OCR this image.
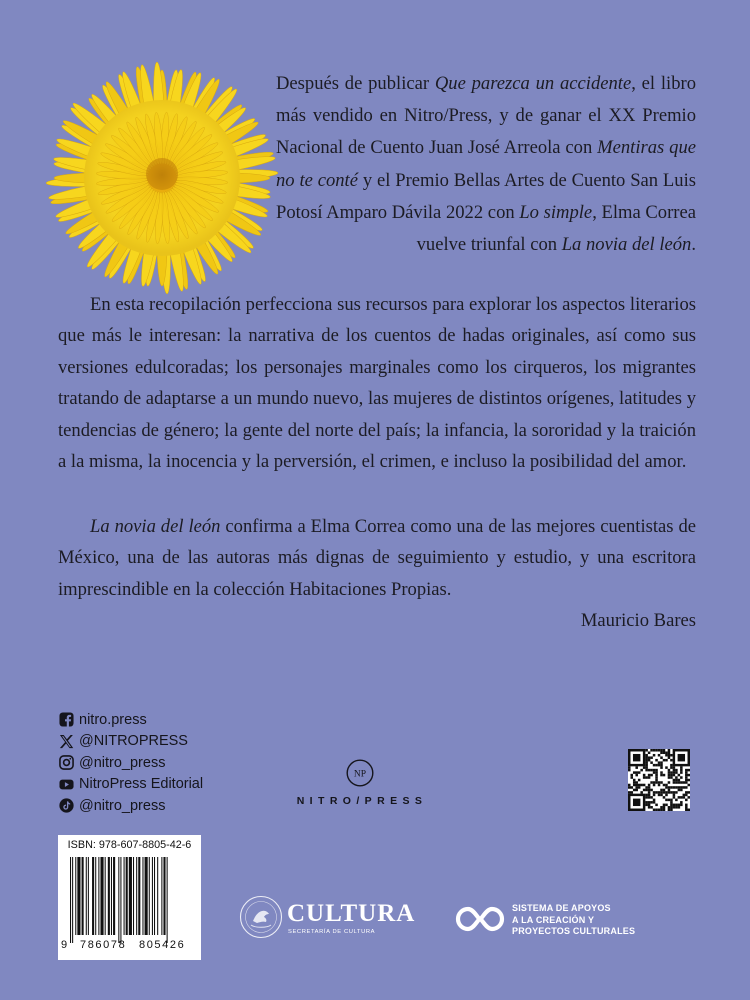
Después de publicar Que parezca un accidente, el libro más vendido en Nitro/Press, y de ganar el XX Premio Nacional de Cuento Juan José Arreola con Mentiras que no te conté y el Premio Bellas Artes de Cuento San Luis Potosí Amparo Dávila 2022 con Lo simple, Elma Correa vuelve triunfal con La novia del león.

En esta recopilación perfecciona sus recursos para explorar los aspectos literarios que más le interesan: la narrativa de los cuentos de hadas originales, así como sus versiones edulcoradas; los personajes marginales como los cirqueros, los migrantes tratando de adaptarse a un mundo nuevo, las mujeres de distintos orígenes, latitudes y tendencias de género; la gente del norte del país; la infancia, la sororidad y la traición a la misma, la inocencia y la perversión, el crimen, e incluso la posibilidad del amor.

La novia del león confirma a Elma Correa como una de las mejores cuentistas de México, una de las autoras más dignas de seguimiento y estudio, y una escritora imprescindible en la colección Habitaciones Propias.

Mauricio Bares
nitro.press
@NITROPRESS
@nitro_press
NitroPress Editorial
@nitro_press
NP
NITRO/PRESS
ISBN: 978-607-8805-42-6
9 786078 805426
CULTURA
SECRETARÍA DE CULTURA
SISTEMA DE APOYOS
A LA CREACIÓN Y
PROYECTOS CULTURALES
